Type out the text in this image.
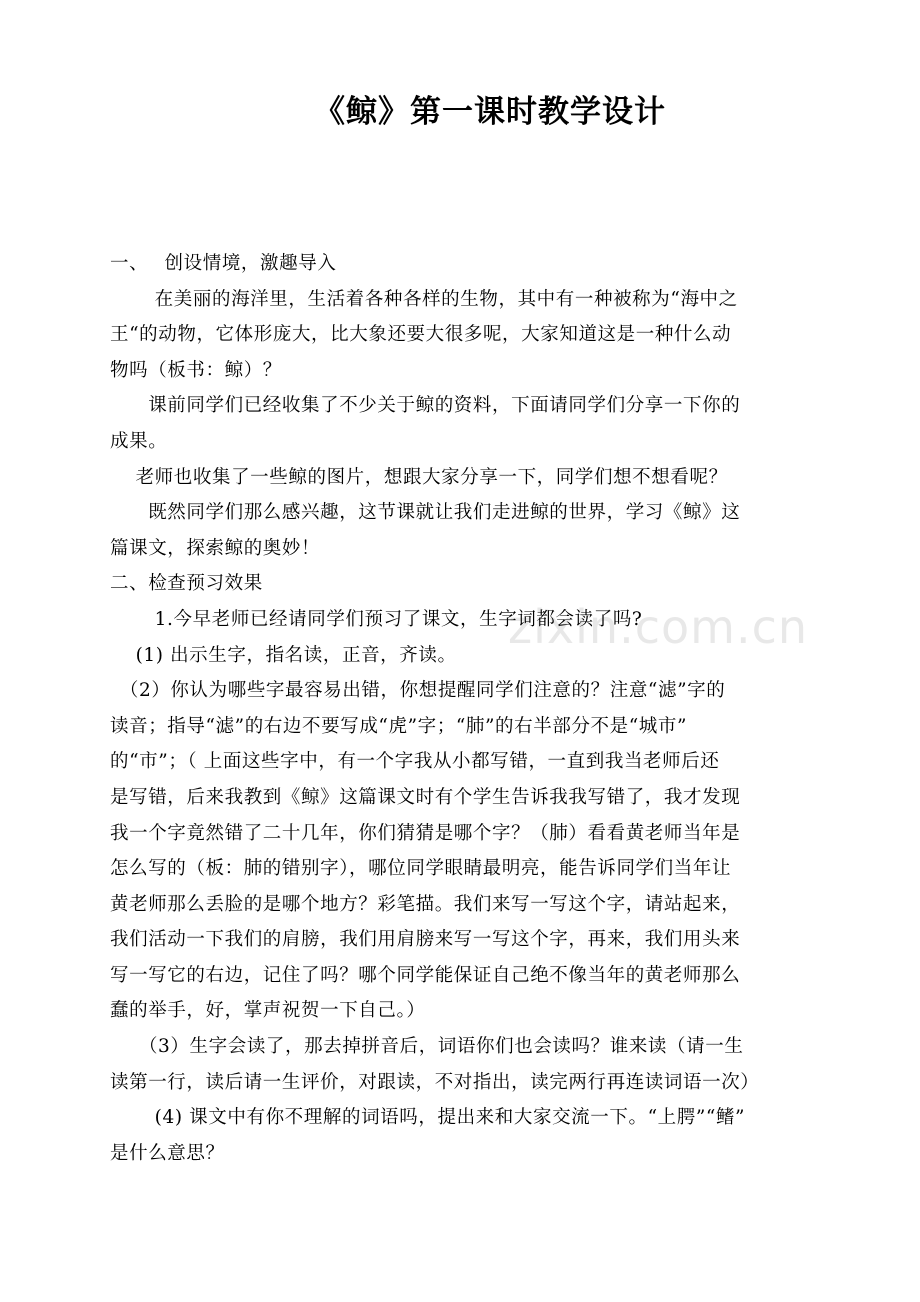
《鲸》第一课时教学设计
zixin.com.cn
一、　 创设情境，激趣导入
　　 在美丽的海洋里，生活着各种各样的生物，其中有一种被称为“海中之
王“的动物，它体形庞大，比大象还要大很多呢，大家知道这是一种什么动
物吗（板书：鲸）？
　　课前同学们已经收集了不少关于鲸的资料，下面请同学们分享一下你的
成果。
　 老师也收集了一些鲸的图片，想跟大家分享一下，同学们想不想看呢？
　　既然同学们那么感兴趣，这节课就让我们走进鲸的世界，学习《鲸》这
篇课文，探索鲸的奥妙！
二、检查预习效果
　　 1.今早老师已经请同学们预习了课文，生字词都会读了吗?
　 (1) 出示生字，指名读，正音，齐读。
　（2）你认为哪些字最容易出错，你想提醒同学们注意的？注意“滤”字的
读音；指导“滤”的右边不要写成“虎”字；“肺”的右半部分不是“城市”
的“市”；（ 上面这些字中，有一个字我从小都写错，一直到我当老师后还
是写错，后来我教到《鲸》这篇课文时有个学生告诉我我写错了，我才发现
我一个字竟然错了二十几年，你们猜猜是哪个字？（肺）看看黄老师当年是
怎么写的（板：肺的错别字），哪位同学眼睛最明亮，能告诉同学们当年让
黄老师那么丢脸的是哪个地方？彩笔描。我们来写一写这个字，请站起来，
我们活动一下我们的肩膀，我们用肩膀来写一写这个字，再来，我们用头来
写一写它的右边，记住了吗？哪个同学能保证自己绝不像当年的黄老师那么
蠢的举手，好，掌声祝贺一下自己。）
　　（3）生字会读了，那去掉拼音后，词语你们也会读吗？谁来读（请一生
读第一行，读后请一生评价，对跟读，不对指出，读完两行再连读词语一次）
　　 (4) 课文中有你不理解的词语吗，提出来和大家交流一下。“上腭”“鳍”
是什么意思？
